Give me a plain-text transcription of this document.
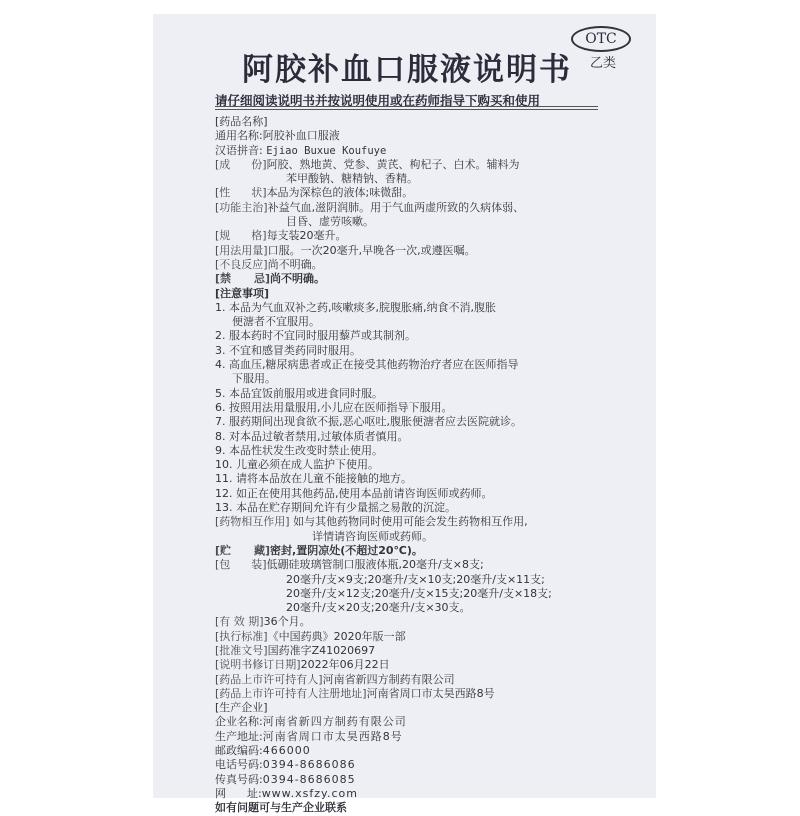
OTC
乙类
阿胶补血口服液说明书
请仔细阅读说明书并按说明使用或在药师指导下购买和使用
[药品名称]
通用名称:阿胶补血口服液
汉语拼音: Ejiao Buxue Koufuye
[成      份]阿胶、熟地黄、党参、黄芪、枸杞子、白术。辅料为
苯甲酸钠、糖精钠、香精。
[性      状]本品为深棕色的液体;味微甜。
[功能主治]补益气血,滋阴润肺。用于气血两虚所致的久病体弱、
目昏、虚劳咳嗽。
[规      格]每支装20毫升。
[用法用量]口服。一次20毫升,早晚各一次,或遵医嘱。
[不良反应]尚不明确。
[禁      忌]尚不明确。
[注意事项]
1. 本品为气血双补之药,咳嗽痰多,脘腹胀痛,纳食不消,腹胀
便溏者不宜服用。
2. 服本药时不宜同时服用藜芦或其制剂。
3. 不宜和感冒类药同时服用。
4. 高血压,糖尿病患者或正在接受其他药物治疗者应在医师指导
下服用。
5. 本品宜饭前服用或进食同时服。
6. 按照用法用量服用,小儿应在医师指导下服用。
7. 服药期间出现食欲不振,恶心呕吐,腹胀便溏者应去医院就诊。
8. 对本品过敏者禁用,过敏体质者慎用。
9. 本品性状发生改变时禁止使用。
10. 儿童必须在成人监护下使用。
11. 请将本品放在儿童不能接触的地方。
12. 如正在使用其他药品,使用本品前请咨询医师或药师。
13. 本品在贮存期间允许有少量摇之易散的沉淀。
[药物相互作用] 如与其他药物同时使用可能会发生药物相互作用,
详情请咨询医师或药师。
[贮      藏]密封,置阴凉处(不超过20℃)。
[包      装]低硼硅玻璃管制口服液体瓶,20毫升/支×8支;
20毫升/支×9支;20毫升/支×10支;20毫升/支×11支;
20毫升/支×12支;20毫升/支×15支;20毫升/支×18支;
20毫升/支×20支;20毫升/支×30支。
[有 效 期]36个月。
[执行标准]《中国药典》2020年版一部
[批准文号]国药准字Z41020697
[说明书修订日期]2022年06月22日
[药品上市许可持有人]河南省新四方制药有限公司
[药品上市许可持有人注册地址]河南省周口市太昊西路8号
[生产企业]
企业名称:河南省新四方制药有限公司
生产地址:河南省周口市太昊西路8号
邮政编码:466000
电话号码:0394-8686086
传真号码:0394-8686085
网      址:www.xsfzy.com
如有问题可与生产企业联系
